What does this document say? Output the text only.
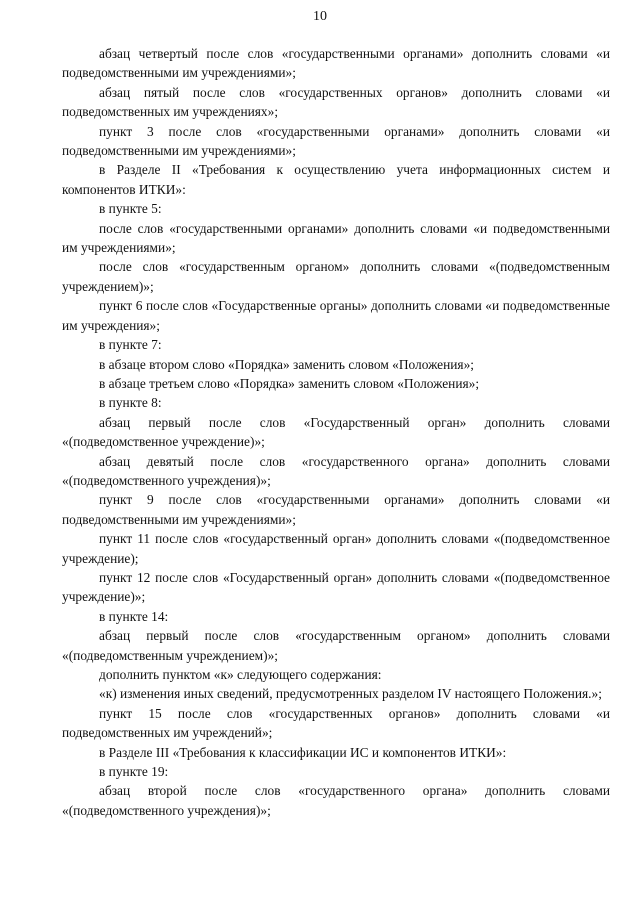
10

абзац четвертый после слов «государственными органами» дополнить словами «и подведомственными им учреждениями»;

абзац пятый после слов «государственных органов» дополнить словами «и подведомственных им учреждениях»;

пункт 3 после слов «государственными органами» дополнить словами «и подведомственными им учреждениями»;

в Разделе II «Требования к осуществлению учета информационных систем и компонентов ИТКИ»:

в пункте 5:

после слов «государственными органами» дополнить словами «и подведомственными им учреждениями»;

после слов «государственным органом» дополнить словами «(подведомственным учреждением)»;

пункт 6 после слов «Государственные органы» дополнить словами «и подведомственные им учреждения»;

в пункте 7:

в абзаце втором слово «Порядка» заменить словом «Положения»;

в абзаце третьем слово «Порядка» заменить словом «Положения»;

в пункте 8:

абзац первый после слов «Государственный орган» дополнить словами «(подведомственное учреждение)»;

абзац девятый после слов «государственного органа» дополнить словами «(подведомственного учреждения)»;

пункт 9 после слов «государственными органами» дополнить словами «и подведомственными им учреждениями»;

пункт 11 после слов «государственный орган» дополнить словами «(подведомственное учреждение);

пункт 12 после слов «Государственный орган» дополнить словами «(подведомственное учреждение)»;

в пункте 14:

абзац первый после слов «государственным органом» дополнить словами «(подведомственным учреждением)»;

дополнить пунктом «к» следующего содержания:

«к) изменения иных сведений, предусмотренных разделом IV настоящего Положения.»;

пункт 15 после слов «государственных органов» дополнить словами «и подведомственных им учреждений»;

в Разделе III «Требования к классификации ИС и компонентов ИТКИ»:

в пункте 19:

абзац второй после слов «государственного органа» дополнить словами «(подведомственного учреждения)»;
